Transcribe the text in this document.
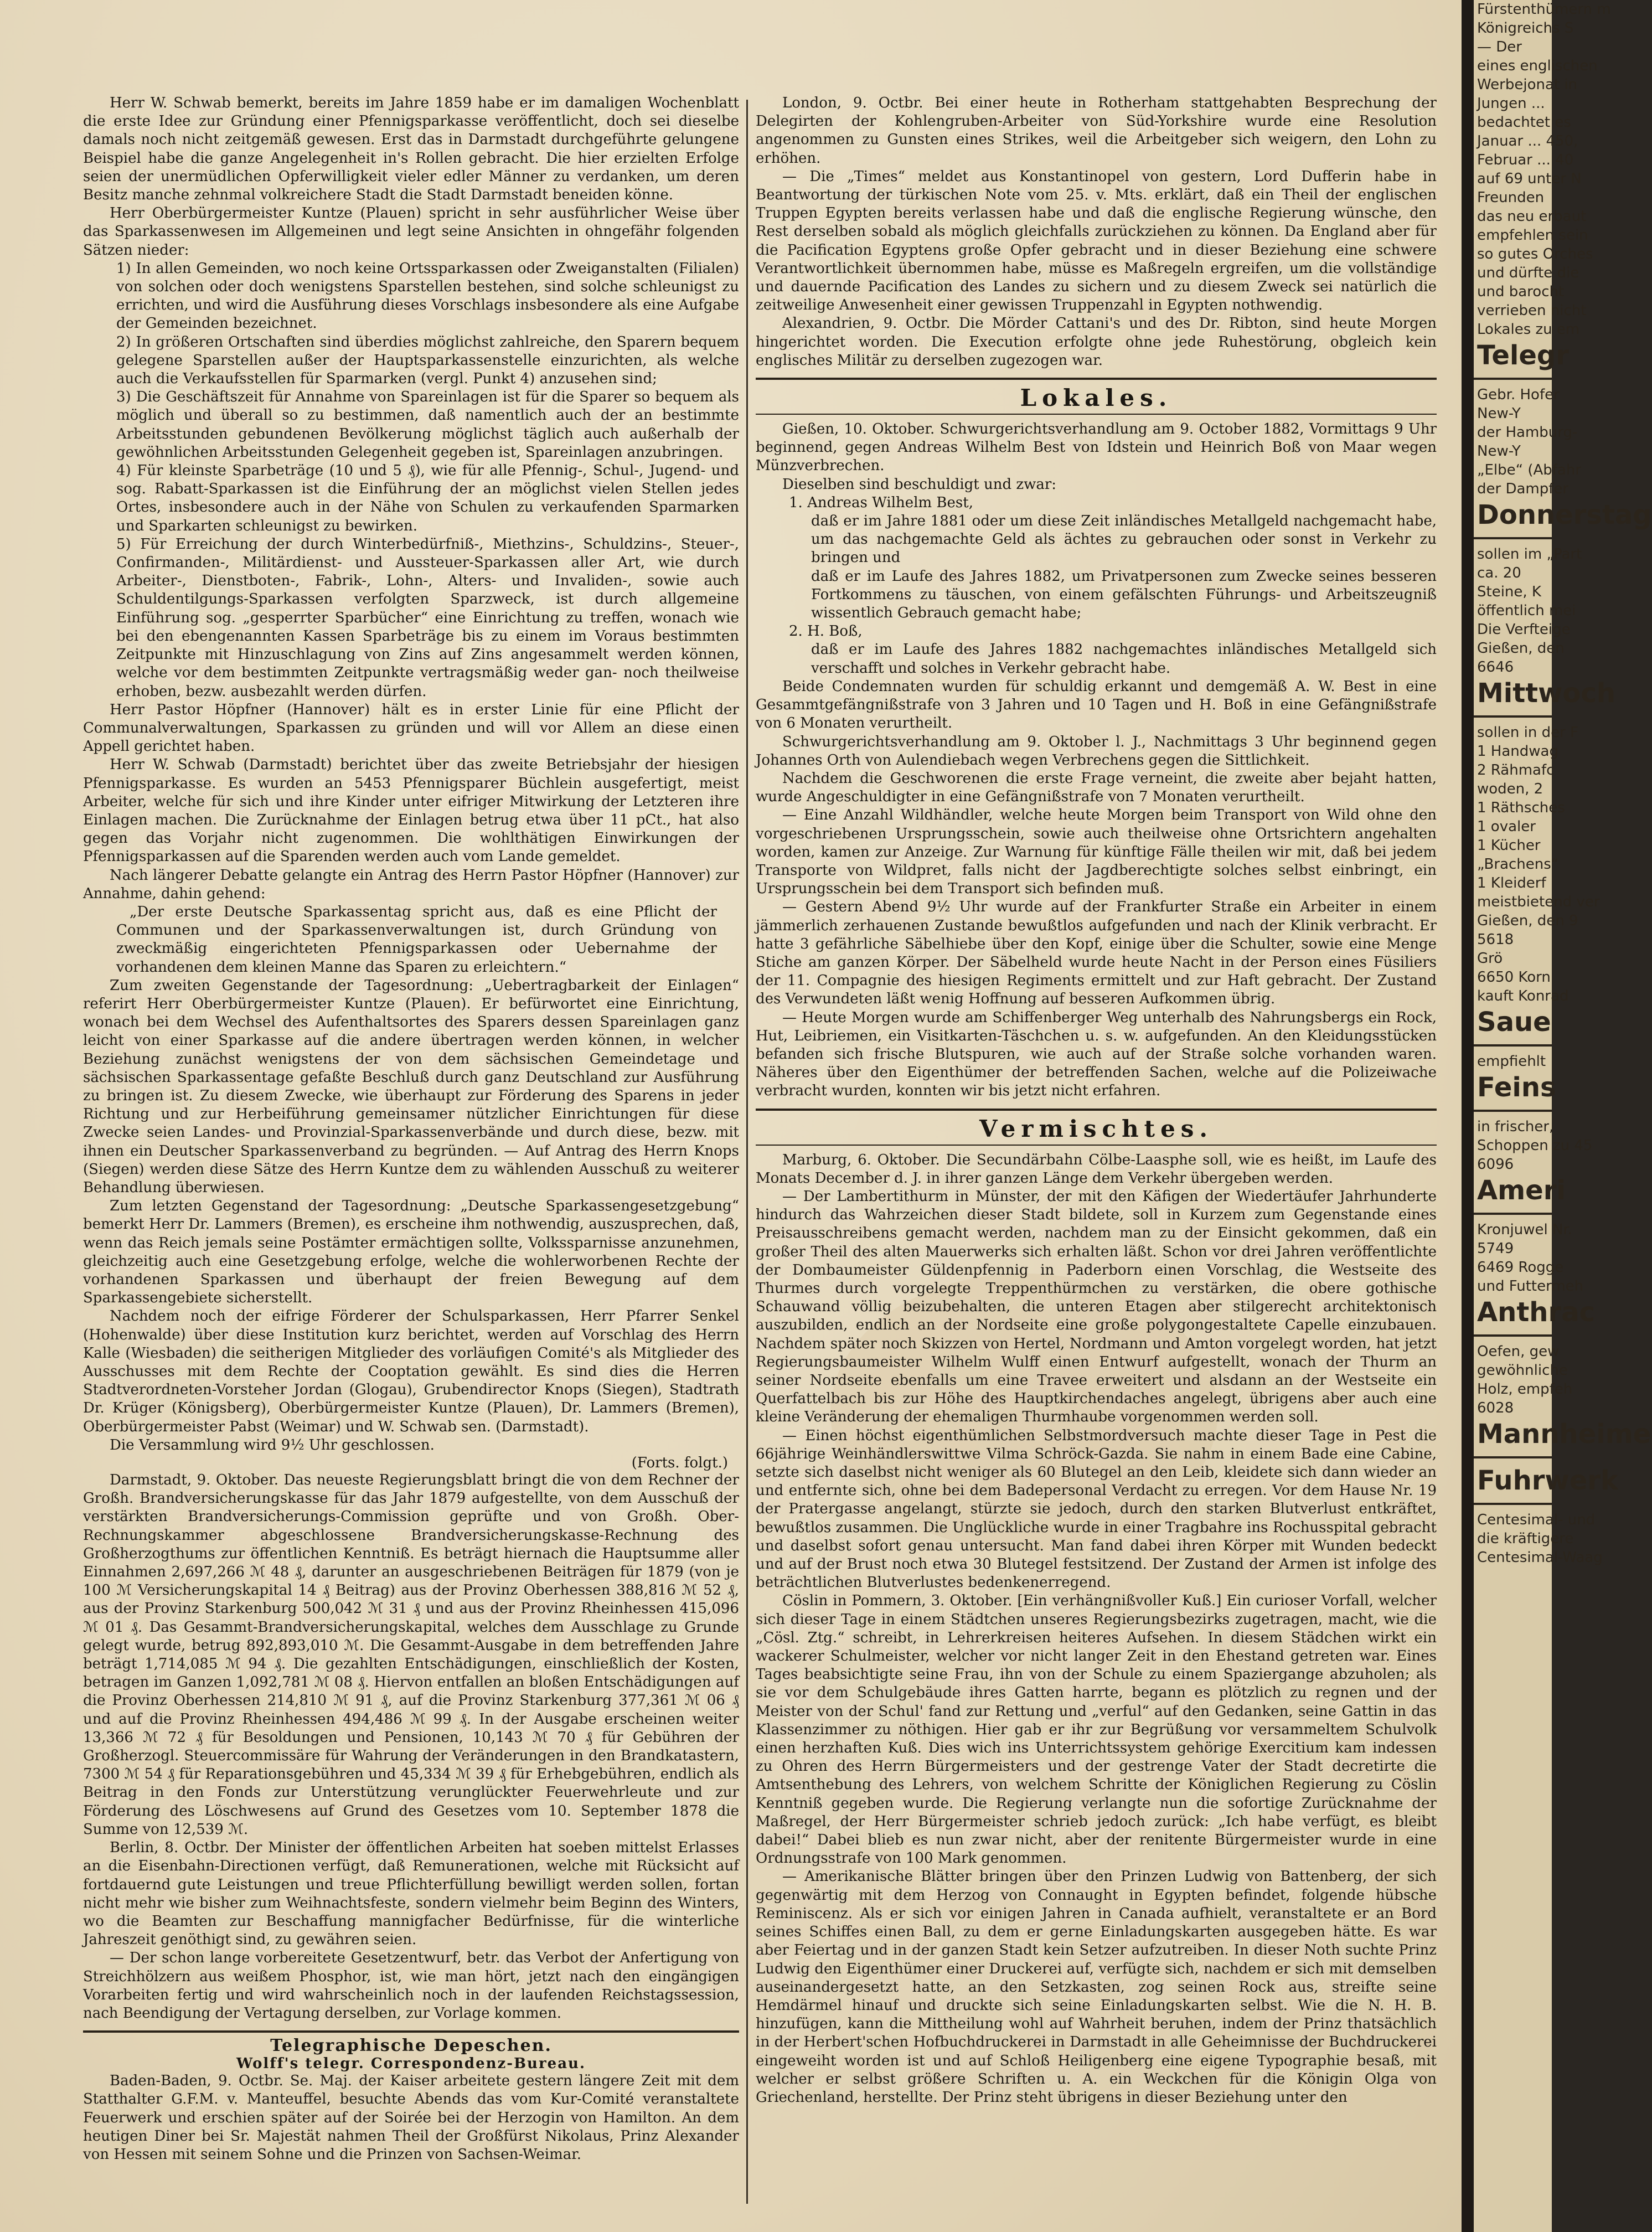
Herr W. Schwab bemerkt, bereits im Jahre 1859 habe er im damaligen Wochenblatt die erste Idee zur Gründung einer Pfennigsparkasse veröffentlicht, doch sei dieselbe damals noch nicht zeitgemäß gewesen. Erst das in Darmstadt durchgeführte gelungene Beispiel habe die ganze Angelegenheit in's Rollen gebracht. Die hier erzielten Erfolge seien der unermüdlichen Opferwilligkeit vieler edler Männer zu verdanken, um deren Besitz manche zehnmal volkreichere Stadt die Stadt Darmstadt beneiden könne.

Herr Oberbürgermeister Kuntze (Plauen) spricht in sehr ausführlicher Weise über das Sparkassenwesen im Allgemeinen und legt seine Ansichten in ohngefähr folgenden Sätzen nieder:

1) In allen Gemeinden, wo noch keine Ortssparkassen oder Zweiganstalten (Filialen) von solchen oder doch wenigstens Sparstellen bestehen, sind solche schleunigst zu errichten, und wird die Ausführung dieses Vorschlags insbesondere als eine Aufgabe der Gemeinden bezeichnet.

2) In größeren Ortschaften sind überdies möglichst zahlreiche, den Sparern bequem gelegene Sparstellen außer der Hauptsparkassenstelle einzurichten, als welche auch die Verkaufsstellen für Sparmarken (vergl. Punkt 4) anzusehen sind;

3) Die Geschäftszeit für Annahme von Spareinlagen ist für die Sparer so bequem als möglich und überall so zu bestimmen, daß namentlich auch der an bestimmte Arbeitsstunden gebundenen Bevölkerung möglichst täglich auch außerhalb der gewöhnlichen Arbeitsstunden Gelegenheit gegeben ist, Spareinlagen anzubringen.

4) Für kleinste Sparbeträge (10 und 5 ₰), wie für alle Pfennig-, Schul-, Jugend- und sog. Rabatt-Sparkassen ist die Einführung der an möglichst vielen Stellen jedes Ortes, insbesondere auch in der Nähe von Schulen zu verkaufenden Sparmarken und Sparkarten schleunigst zu bewirken.

5) Für Erreichung der durch Winterbedürfniß-, Miethzins-, Schuldzins-, Steuer-, Confirmanden-, Militärdienst- und Aussteuer-Sparkassen aller Art, wie durch Arbeiter-, Dienstboten-, Fabrik-, Lohn-, Alters- und Invaliden-, sowie auch Schuldentilgungs-Sparkassen verfolgten Sparzweck, ist durch allgemeine Einführung sog. „gesperrter Sparbücher“ eine Einrichtung zu treffen, wonach wie bei den ebengenannten Kassen Sparbeträge bis zu einem im Voraus bestimmten Zeitpunkte mit Hinzuschlagung von Zins auf Zins angesammelt werden können, welche vor dem bestimmten Zeitpunkte vertragsmäßig weder gan- noch theilweise erhoben, bezw. ausbezahlt werden dürfen.

Herr Pastor Höpfner (Hannover) hält es in erster Linie für eine Pflicht der Communalverwaltungen, Sparkassen zu gründen und will vor Allem an diese einen Appell gerichtet haben.

Herr W. Schwab (Darmstadt) berichtet über das zweite Betriebsjahr der hiesigen Pfennigsparkasse. Es wurden an 5453 Pfennigsparer Büchlein ausgefertigt, meist Arbeiter, welche für sich und ihre Kinder unter eifriger Mitwirkung der Letzteren ihre Einlagen machen. Die Zurücknahme der Einlagen betrug etwa über 11 pCt., hat also gegen das Vorjahr nicht zugenommen. Die wohlthätigen Einwirkungen der Pfennigsparkassen auf die Sparenden werden auch vom Lande gemeldet.

Nach längerer Debatte gelangte ein Antrag des Herrn Pastor Höpfner (Hannover) zur Annahme, dahin gehend:

„Der erste Deutsche Sparkassentag spricht aus, daß es eine Pflicht der Communen und der Sparkassenverwaltungen ist, durch Gründung von zweckmäßig eingerichteten Pfennigsparkassen oder Uebernahme der vorhandenen dem kleinen Manne das Sparen zu erleichtern.“

Zum zweiten Gegenstande der Tagesordnung: „Uebertragbarkeit der Einlagen“ referirt Herr Oberbürgermeister Kuntze (Plauen). Er befürwortet eine Einrichtung, wonach bei dem Wechsel des Aufenthaltsortes des Sparers dessen Spareinlagen ganz leicht von einer Sparkasse auf die andere übertragen werden können, in welcher Beziehung zunächst wenigstens der von dem sächsischen Gemeindetage und sächsischen Sparkassentage gefaßte Beschluß durch ganz Deutschland zur Ausführung zu bringen ist. Zu diesem Zwecke, wie überhaupt zur Förderung des Sparens in jeder Richtung und zur Herbeiführung gemeinsamer nützlicher Einrichtungen für diese Zwecke seien Landes- und Provinzial-Sparkassenverbände und durch diese, bezw. mit ihnen ein Deutscher Sparkassenverband zu begründen. — Auf Antrag des Herrn Knops (Siegen) werden diese Sätze des Herrn Kuntze dem zu wählenden Ausschuß zu weiterer Behandlung überwiesen.

Zum letzten Gegenstand der Tagesordnung: „Deutsche Sparkassengesetzgebung“ bemerkt Herr Dr. Lammers (Bremen), es erscheine ihm nothwendig, auszusprechen, daß, wenn das Reich jemals seine Postämter ermächtigen sollte, Volkssparnisse anzunehmen, gleichzeitig auch eine Gesetzgebung erfolge, welche die wohlerworbenen Rechte der vorhandenen Sparkassen und überhaupt der freien Bewegung auf dem Sparkassengebiete sicherstellt.

Nachdem noch der eifrige Förderer der Schulsparkassen, Herr Pfarrer Senkel (Hohenwalde) über diese Institution kurz berichtet, werden auf Vorschlag des Herrn Kalle (Wiesbaden) die seitherigen Mitglieder des vorläufigen Comité's als Mitglieder des Ausschusses mit dem Rechte der Cooptation gewählt. Es sind dies die Herren Stadtverordneten-Vorsteher Jordan (Glogau), Grubendirector Knops (Siegen), Stadtrath Dr. Krüger (Königsberg), Oberbürgermeister Kuntze (Plauen), Dr. Lammers (Bremen), Oberbürgermeister Pabst (Weimar) und W. Schwab sen. (Darmstadt).

Die Versammlung wird 9½ Uhr geschlossen.

(Forts. folgt.)

Darmstadt, 9. Oktober. Das neueste Regierungsblatt bringt die von dem Rechner der Großh. Brandversicherungskasse für das Jahr 1879 aufgestellte, von dem Ausschuß der verstärkten Brandversicherungs-Commission geprüfte und von Großh. Ober-Rechnungskammer abgeschlossene Brandversicherungskasse-Rechnung des Großherzogthums zur öffentlichen Kenntniß. Es beträgt hiernach die Hauptsumme aller Einnahmen 2,697,266 ℳ 48 ₰, darunter an ausgeschriebenen Beiträgen für 1879 (von je 100 ℳ Versicherungskapital 14 ₰ Beitrag) aus der Provinz Oberhessen 388,816 ℳ 52 ₰, aus der Provinz Starkenburg 500,042 ℳ 31 ₰ und aus der Provinz Rheinhessen 415,096 ℳ 01 ₰. Das Gesammt-Brandversicherungskapital, welches dem Ausschlage zu Grunde gelegt wurde, betrug 892,893,010 ℳ. Die Gesammt-Ausgabe in dem betreffenden Jahre beträgt 1,714,085 ℳ 94 ₰. Die gezahlten Entschädigungen, einschließlich der Kosten, betragen im Ganzen 1,092,781 ℳ 08 ₰. Hiervon entfallen an bloßen Entschädigungen auf die Provinz Oberhessen 214,810 ℳ 91 ₰, auf die Provinz Starkenburg 377,361 ℳ 06 ₰ und auf die Provinz Rheinhessen 494,486 ℳ 99 ₰. In der Ausgabe erscheinen weiter 13,366 ℳ 72 ₰ für Besoldungen und Pensionen, 10,143 ℳ 70 ₰ für Gebühren der Großherzogl. Steuercommissäre für Wahrung der Veränderungen in den Brandkatastern, 7300 ℳ 54 ₰ für Reparationsgebühren und 45,334 ℳ 39 ₰ für Erhebgebühren, endlich als Beitrag in den Fonds zur Unterstützung verunglückter Feuerwehrleute und zur Förderung des Löschwesens auf Grund des Gesetzes vom 10. September 1878 die Summe von 12,539 ℳ.

Berlin, 8. Octbr. Der Minister der öffentlichen Arbeiten hat soeben mittelst Erlasses an die Eisenbahn-Directionen verfügt, daß Remunerationen, welche mit Rücksicht auf fortdauernd gute Leistungen und treue Pflichterfüllung bewilligt werden sollen, fortan nicht mehr wie bisher zum Weihnachtsfeste, sondern vielmehr beim Beginn des Winters, wo die Beamten zur Beschaffung mannigfacher Bedürfnisse, für die winterliche Jahreszeit genöthigt sind, zu gewähren seien.

— Der schon lange vorbereitete Gesetzentwurf, betr. das Verbot der Anfertigung von Streichhölzern aus weißem Phosphor, ist, wie man hört, jetzt nach den eingängigen Vorarbeiten fertig und wird wahrscheinlich noch in der laufenden Reichstagssession, nach Beendigung der Vertagung derselben, zur Vorlage kommen.

Telegraphische Depeschen.
Wolff's telegr. Correspondenz-Bureau.

Baden-Baden, 9. Octbr. Se. Maj. der Kaiser arbeitete gestern längere Zeit mit dem Statthalter G.F.M. v. Manteuffel, besuchte Abends das vom Kur-Comité veranstaltete Feuerwerk und erschien später auf der Soirée bei der Herzogin von Hamilton. An dem heutigen Diner bei Sr. Majestät nahmen Theil der Großfürst Nikolaus, Prinz Alexander von Hessen mit seinem Sohne und die Prinzen von Sachsen-Weimar.

London, 9. Octbr. Bei einer heute in Rotherham stattgehabten Besprechung der Delegirten der Kohlengruben-Arbeiter von Süd-Yorkshire wurde eine Resolution angenommen zu Gunsten eines Strikes, weil die Arbeitgeber sich weigern, den Lohn zu erhöhen.

— Die „Times“ meldet aus Konstantinopel von gestern, Lord Dufferin habe in Beantwortung der türkischen Note vom 25. v. Mts. erklärt, daß ein Theil der englischen Truppen Egypten bereits verlassen habe und daß die englische Regierung wünsche, den Rest derselben sobald als möglich gleichfalls zurückziehen zu können. Da England aber für die Pacification Egyptens große Opfer gebracht und in dieser Beziehung eine schwere Verantwortlichkeit übernommen habe, müsse es Maßregeln ergreifen, um die vollständige und dauernde Pacification des Landes zu sichern und zu diesem Zweck sei natürlich die zeitweilige Anwesenheit einer gewissen Truppenzahl in Egypten nothwendig.

Alexandrien, 9. Octbr. Die Mörder Cattani's und des Dr. Ribton, sind heute Morgen hingerichtet worden. Die Execution erfolgte ohne jede Ruhestörung, obgleich kein englisches Militär zu derselben zugezogen war.

Lokales.

Gießen, 10. Oktober. Schwurgerichtsverhandlung am 9. October 1882, Vormittags 9 Uhr beginnend, gegen Andreas Wilhelm Best von Idstein und Heinrich Boß von Maar wegen Münzverbrechen.

Dieselben sind beschuldigt und zwar:

1. Andreas Wilhelm Best,

daß er im Jahre 1881 oder um diese Zeit inländisches Metallgeld nachgemacht habe, um das nachgemachte Geld als ächtes zu gebrauchen oder sonst in Verkehr zu bringen und

daß er im Laufe des Jahres 1882, um Privatpersonen zum Zwecke seines besseren Fortkommens zu täuschen, von einem gefälschten Führungs- und Arbeitszeugniß wissentlich Gebrauch gemacht habe;

2. H. Boß,

daß er im Laufe des Jahres 1882 nachgemachtes inländisches Metallgeld sich verschafft und solches in Verkehr gebracht habe.

Beide Condemnaten wurden für schuldig erkannt und demgemäß A. W. Best in eine Gesammtgefängnißstrafe von 3 Jahren und 10 Tagen und H. Boß in eine Gefängnißstrafe von 6 Monaten verurtheilt.

Schwurgerichtsverhandlung am 9. Oktober l. J., Nachmittags 3 Uhr beginnend gegen Johannes Orth von Aulendiebach wegen Verbrechens gegen die Sittlichkeit.

Nachdem die Geschworenen die erste Frage verneint, die zweite aber bejaht hatten, wurde Angeschuldigter in eine Gefängnißstrafe von 7 Monaten verurtheilt.

— Eine Anzahl Wildhändler, welche heute Morgen beim Transport von Wild ohne den vorgeschriebenen Ursprungsschein, sowie auch theilweise ohne Ortsrichtern angehalten worden, kamen zur Anzeige. Zur Warnung für künftige Fälle theilen wir mit, daß bei jedem Transporte von Wildpret, falls nicht der Jagdberechtigte solches selbst einbringt, ein Ursprungsschein bei dem Transport sich befinden muß.

— Gestern Abend 9½ Uhr wurde auf der Frankfurter Straße ein Arbeiter in einem jämmerlich zerhauenen Zustande bewußtlos aufgefunden und nach der Klinik verbracht. Er hatte 3 gefährliche Säbelhiebe über den Kopf, einige über die Schulter, sowie eine Menge Stiche am ganzen Körper. Der Säbelheld wurde heute Nacht in der Person eines Füsiliers der 11. Compagnie des hiesigen Regiments ermittelt und zur Haft gebracht. Der Zustand des Verwundeten läßt wenig Hoffnung auf besseren Aufkommen übrig.

— Heute Morgen wurde am Schiffenberger Weg unterhalb des Nahrungsbergs ein Rock, Hut, Leibriemen, ein Visitkarten-Täschchen u. s. w. aufgefunden. An den Kleidungsstücken befanden sich frische Blutspuren, wie auch auf der Straße solche vorhanden waren. Näheres über den Eigenthümer der betreffenden Sachen, welche auf die Polizeiwache verbracht wurden, konnten wir bis jetzt nicht erfahren.

Vermischtes.

Marburg, 6. Oktober. Die Secundärbahn Cölbe-Laasphe soll, wie es heißt, im Laufe des Monats December d. J. in ihrer ganzen Länge dem Verkehr übergeben werden.

— Der Lambertithurm in Münster, der mit den Käfigen der Wiedertäufer Jahrhunderte hindurch das Wahrzeichen dieser Stadt bildete, soll in Kurzem zum Gegenstande eines Preisausschreibens gemacht werden, nachdem man zu der Einsicht gekommen, daß ein großer Theil des alten Mauerwerks sich erhalten läßt. Schon vor drei Jahren veröffentlichte der Dombaumeister Güldenpfennig in Paderborn einen Vorschlag, die Westseite des Thurmes durch vorgelegte Treppenthürmchen zu verstärken, die obere gothische Schauwand völlig beizubehalten, die unteren Etagen aber stilgerecht architektonisch auszubilden, endlich an der Nordseite eine große polygongestaltete Capelle einzubauen. Nachdem später noch Skizzen von Hertel, Nordmann und Amton vorgelegt worden, hat jetzt Regierungsbaumeister Wilhelm Wulff einen Entwurf aufgestellt, wonach der Thurm an seiner Nordseite ebenfalls um eine Travee erweitert und alsdann an der Westseite ein Querfattelbach bis zur Höhe des Hauptkirchendaches angelegt, übrigens aber auch eine kleine Veränderung der ehemaligen Thurmhaube vorgenommen werden soll.

— Einen höchst eigenthümlichen Selbstmordversuch machte dieser Tage in Pest die 66jährige Weinhändlerswittwe Vilma Schröck-Gazda. Sie nahm in einem Bade eine Cabine, setzte sich daselbst nicht weniger als 60 Blutegel an den Leib, kleidete sich dann wieder an und entfernte sich, ohne bei dem Badepersonal Verdacht zu erregen. Vor dem Hause Nr. 19 der Pratergasse angelangt, stürzte sie jedoch, durch den starken Blutverlust entkräftet, bewußtlos zusammen. Die Unglückliche wurde in einer Tragbahre ins Rochusspital gebracht und daselbst sofort genau untersucht. Man fand dabei ihren Körper mit Wunden bedeckt und auf der Brust noch etwa 30 Blutegel festsitzend. Der Zustand der Armen ist infolge des beträchtlichen Blutverlustes bedenkenerregend.

Cöslin in Pommern, 3. Oktober. [Ein verhängnißvoller Kuß.] Ein curioser Vorfall, welcher sich dieser Tage in einem Städtchen unseres Regierungsbezirks zugetragen, macht, wie die „Cösl. Ztg.“ schreibt, in Lehrerkreisen heiteres Aufsehen. In diesem Städchen wirkt ein wackerer Schulmeister, welcher vor nicht langer Zeit in den Ehestand getreten war. Eines Tages beabsichtigte seine Frau, ihn von der Schule zu einem Spaziergange abzuholen; als sie vor dem Schulgebäude ihres Gatten harrte, begann es plötzlich zu regnen und der Meister von der Schul' fand zur Rettung und „verful“ auf den Gedanken, seine Gattin in das Klassenzimmer zu nöthigen. Hier gab er ihr zur Begrüßung vor versammeltem Schulvolk einen herzhaften Kuß. Dies wich ins Unterrichtssystem gehörige Exercitium kam indessen zu Ohren des Herrn Bürgermeisters und der gestrenge Vater der Stadt decretirte die Amtsenthebung des Lehrers, von welchem Schritte der Königlichen Regierung zu Cöslin Kenntniß gegeben wurde. Die Regierung verlangte nun die sofortige Zurücknahme der Maßregel, der Herr Bürgermeister schrieb jedoch zurück: „Ich habe verfügt, es bleibt dabei!“ Dabei blieb es nun zwar nicht, aber der renitente Bürgermeister wurde in eine Ordnungsstrafe von 100 Mark genommen.

— Amerikanische Blätter bringen über den Prinzen Ludwig von Battenberg, der sich gegenwärtig mit dem Herzog von Connaught in Egypten befindet, folgende hübsche Reminiscenz. Als er sich vor einigen Jahren in Canada aufhielt, veranstaltete er an Bord seines Schiffes einen Ball, zu dem er gerne Einladungskarten ausgegeben hätte. Es war aber Feiertag und in der ganzen Stadt kein Setzer aufzutreiben. In dieser Noth suchte Prinz Ludwig den Eigenthümer einer Druckerei auf, verfügte sich, nachdem er sich mit demselben auseinandergesetzt hatte, an den Setzkasten, zog seinen Rock aus, streifte seine Hemdärmel hinauf und druckte sich seine Einladungskarten selbst. Wie die N. H. B. hinzufügen, kann die Mittheilung wohl auf Wahrheit beruhen, indem der Prinz thatsächlich in der Herbert'schen Hofbuchdruckerei in Darmstadt in alle Geheimnisse der Buchdruckerei eingeweiht worden ist und auf Schloß Heiligenberg eine eigene Typographie besaß, mit welcher er selbst größere Schriften u. A. ein Weckchen für die Königin Olga von Griechenland, herstellte. Der Prinz steht übrigens in dieser Beziehung unter den

Fürstenthümern m
Königreichs S
— Der
eines englischen
Werbejonat in
Jungen ...
bedachtet es
Januar ... 450,
Februar ... 40
auf 69 unter N
Freunden
das neu erbaut
empfehlen sein
so gutes Orches
und dürfte die
und barocht
verrieben nicht
Lokales zu em
Telegr
Gebr. Hofer
New-Y
der Hamburg-
New-Y
„Elbe“ (Abfahr
der Dampfer
Donnerstag
sollen im „Part
ca. 20
Steine, K
öffentlich mei
Die Verfteige
Gießen, den
6646
Mittwoch
sollen in der F
1 Handwag
2 Rähmafc
woden, 2
1 Räthsches
1 ovaler
1 Kücher
„Brachens“
1 Kleiderf
meistbietend ver
Gießen, den 9
5618
Grö
6650 Korn
kauft Konrad
Saue
empfiehlt
Feins
in frischer,
Schoppen zu 45
6096
Ameri
Kronjuwel Nr.
5749
6469 Rogge
und Futtermeh
Anthrac
Oefen, gew
gewöhnliche
Holz, empfeh
6028
Mannheime
Fuhrwerk
Centesimal- und
die kräftigere
Centesimal-Waag
